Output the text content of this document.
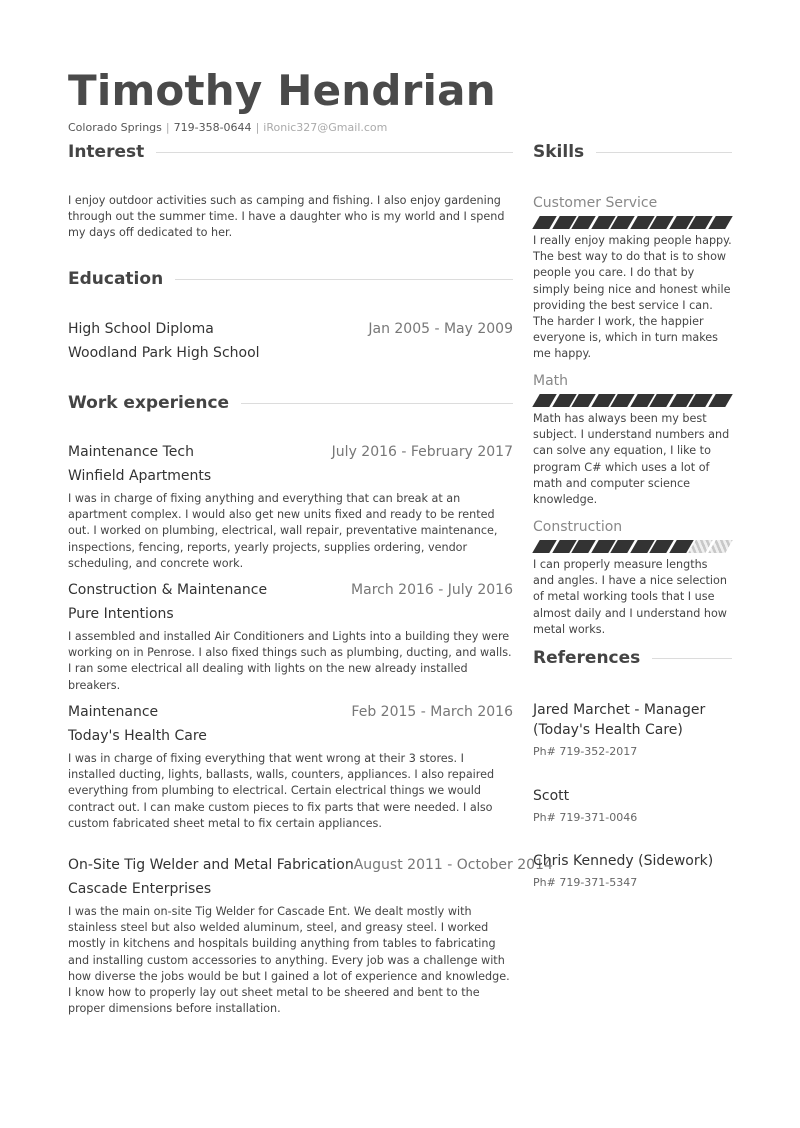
Timothy Hendrian
Colorado Springs | 719-358-0644 | iRonic327@Gmail.com
Interest
I enjoy outdoor activities such as camping and fishing. I also enjoy gardening through out the summer time. I have a daughter who is my world and I spend my days off dedicated to her.
Education
High School Diploma	Jan 2005 - May 2009
Woodland Park High School
Work experience
Maintenance Tech	July 2016 - February 2017
Winfield Apartments
I was in charge of fixing anything and everything that can break at an apartment complex. I would also get new units fixed and ready to be rented out. I worked on plumbing, electrical, wall repair, preventative maintenance, inspections, fencing, reports, yearly projects, supplies ordering, vendor scheduling, and concrete work.
Construction & Maintenance	March 2016 - July 2016
Pure Intentions
I assembled and installed Air Conditioners and Lights into a building they were working on in Penrose. I also fixed things such as plumbing, ducting, and walls. I ran some electrical all dealing with lights on the new already installed breakers.
Maintenance	Feb 2015 - March 2016
Today's Health Care
I was in charge of fixing everything that went wrong at their 3 stores. I installed ducting, lights, ballasts, walls, counters, appliances. I also repaired everything from plumbing to electrical. Certain electrical things we would contract out. I can make custom pieces to fix parts that were needed. I also custom fabricated sheet metal to fix certain appliances.
On-Site Tig Welder and Metal Fabrication August 2011 - October 2014
Cascade Enterprises
I was the main on-site Tig Welder for Cascade Ent. We dealt mostly with stainless steel but also welded aluminum, steel, and greasy steel. I worked mostly in kitchens and hospitals building anything from tables to fabricating and installing custom accessories to anything. Every job was a challenge with how diverse the jobs would be but I gained a lot of experience and knowledge. I know how to properly lay out sheet metal to be sheered and bent to the proper dimensions before installation.
Skills
Customer Service
I really enjoy making people happy. The best way to do that is to show people you care. I do that by simply being nice and honest while providing the best service I can. The harder I work, the happier everyone is, which in turn makes me happy.
Math
Math has always been my best subject. I understand numbers and can solve any equation, I like to program C# which uses a lot of math and computer science knowledge.
Construction
I can properly measure lengths and angles. I have a nice selection of metal working tools that I use almost daily and I understand how metal works.
References
Jared Marchet - Manager (Today's Health Care)
Ph# 719-352-2017
Scott
Ph# 719-371-0046
Chris Kennedy (Sidework)
Ph# 719-371-5347
